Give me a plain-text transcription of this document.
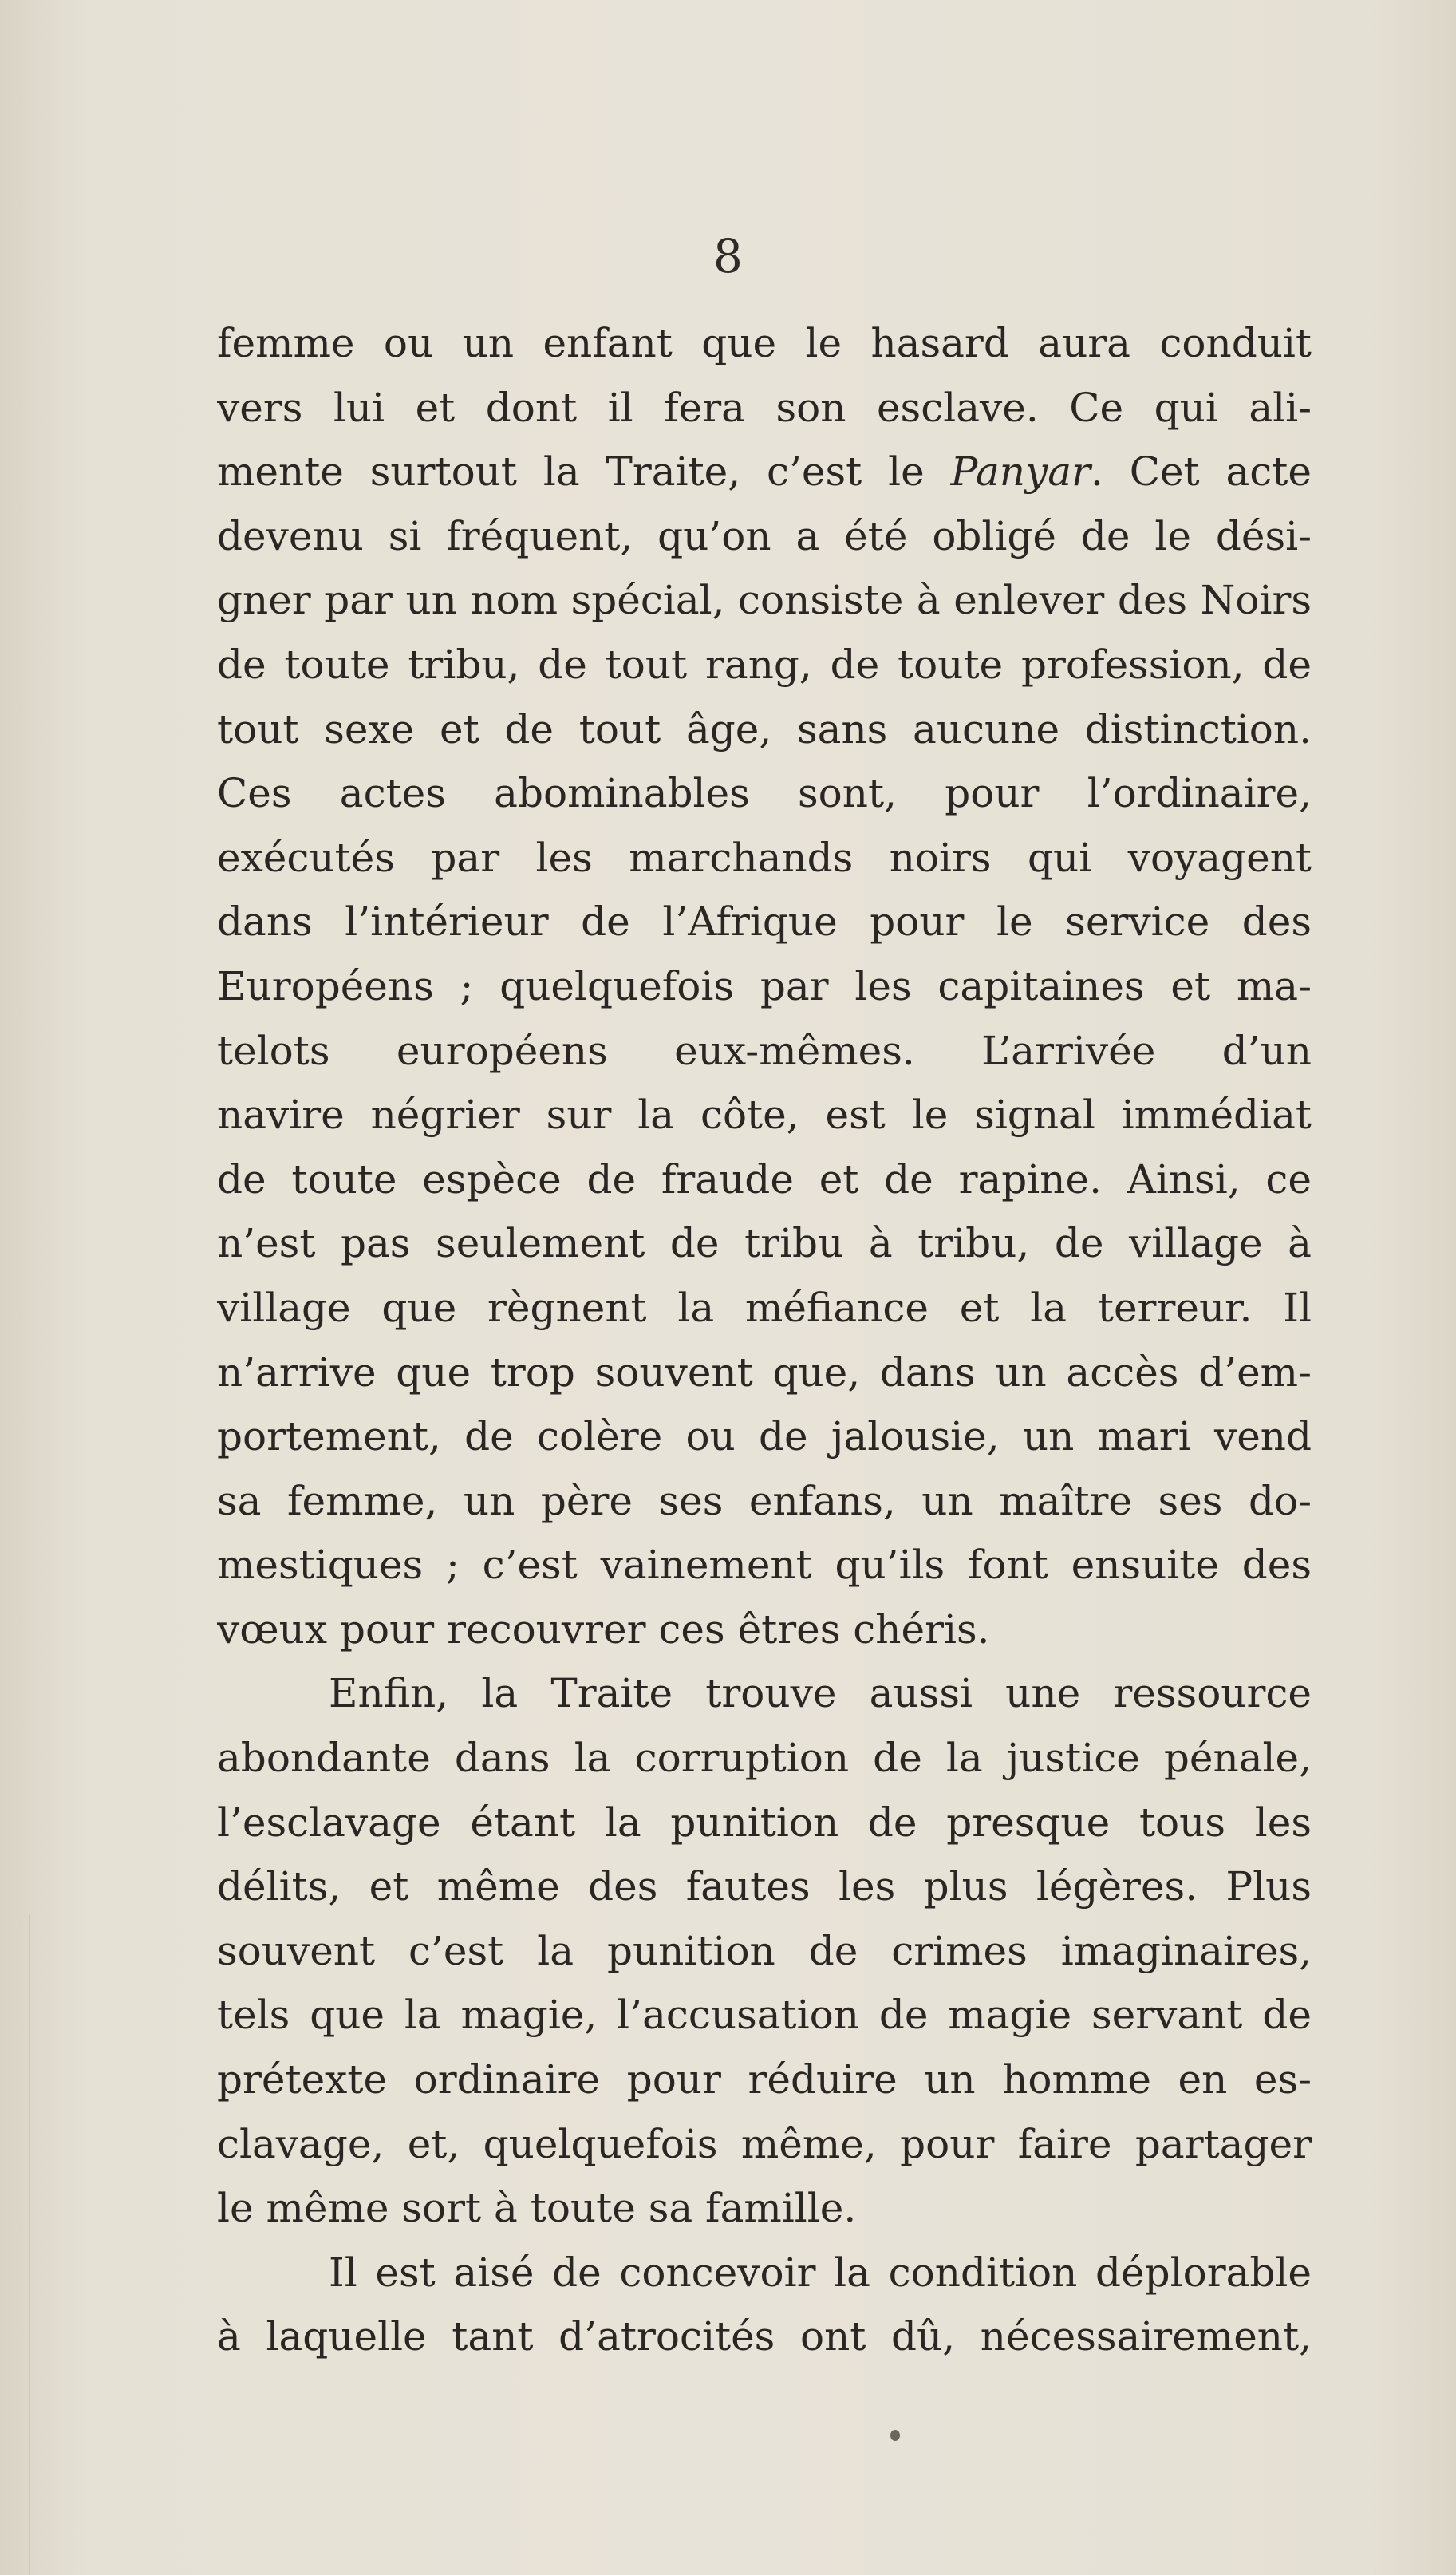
8
femme ou un enfant que le hasard aura conduit
vers lui et dont il fera son esclave. Ce qui ali-
mente surtout la Traite, c’est le Panyar. Cet acte
devenu si fréquent, qu’on a été obligé de le dési-
gner par un nom spécial, consiste à enlever des Noirs
de toute tribu, de tout rang, de toute profession, de
tout sexe et de tout âge, sans aucune distinction.
Ces actes abominables sont, pour l’ordinaire,
exécutés par les marchands noirs qui voyagent
dans l’intérieur de l’Afrique pour le service des
Européens ; quelquefois par les capitaines et ma-
telots européens eux-mêmes. L’arrivée d’un
navire négrier sur la côte, est le signal immédiat
de toute espèce de fraude et de rapine. Ainsi, ce
n’est pas seulement de tribu à tribu, de village à
village que règnent la méfiance et la terreur. Il
n’arrive que trop souvent que, dans un accès d’em-
portement, de colère ou de jalousie, un mari vend
sa femme, un père ses enfans, un maître ses do-
mestiques ; c’est vainement qu’ils font ensuite des
vœux pour recouvrer ces êtres chéris.
Enfin, la Traite trouve aussi une ressource
abondante dans la corruption de la justice pénale,
l’esclavage étant la punition de presque tous les
délits, et même des fautes les plus légères. Plus
souvent c’est la punition de crimes imaginaires,
tels que la magie, l’accusation de magie servant de
prétexte ordinaire pour réduire un homme en es-
clavage, et, quelquefois même, pour faire partager
le même sort à toute sa famille.
Il est aisé de concevoir la condition déplorable
à laquelle tant d’atrocités ont dû, nécessairement,
